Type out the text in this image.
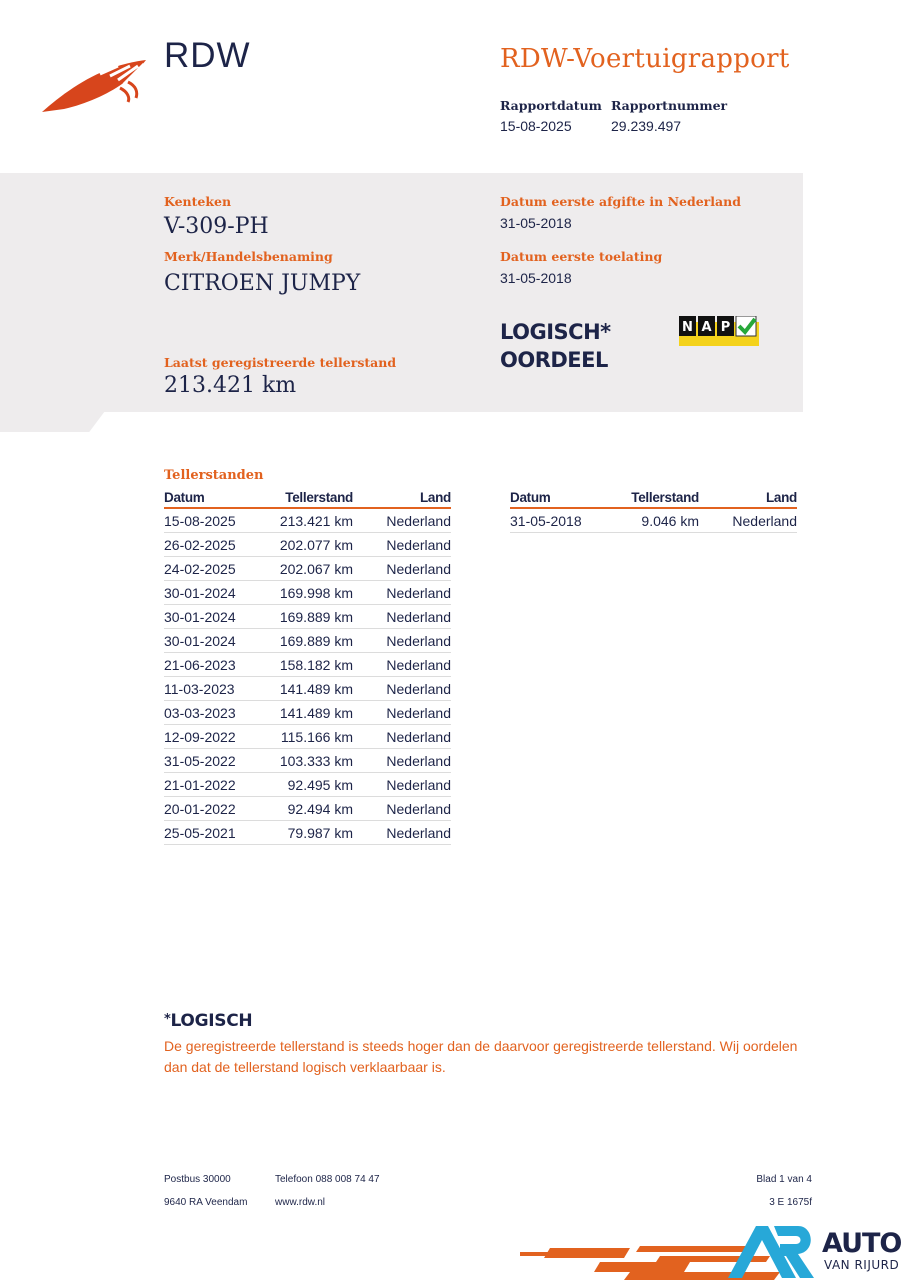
RDW	RDW-Voertuigrapport
Rapportdatum
15-08-2025
Rapportnummer
29.239.497
Kenteken
V-309-PH
Merk/Handelsbenaming
CITROEN JUMPY
Laatst geregistreerde tellerstand
213.421 km
Datum eerste afgifte in Nederland
31-05-2018
Datum eerste toelating
31-05-2018
LOGISCH*
OORDEEL
N A P
Tellerstanden
Datum	Tellerstand	Land
15-08-2025	213.421 km	Nederland
26-02-2025	202.077 km	Nederland
24-02-2025	202.067 km	Nederland
30-01-2024	169.998 km	Nederland
30-01-2024	169.889 km	Nederland
30-01-2024	169.889 km	Nederland
21-06-2023	158.182 km	Nederland
11-03-2023	141.489 km	Nederland
03-03-2023	141.489 km	Nederland
12-09-2022	115.166 km	Nederland
31-05-2022	103.333 km	Nederland
21-01-2022	92.495 km	Nederland
20-01-2022	92.494 km	Nederland
25-05-2021	79.987 km	Nederland
Datum	Tellerstand	Land
31-05-2018	9.046 km	Nederland
*LOGISCH
De geregistreerde tellerstand is steeds hoger dan de daarvoor geregistreerde tellerstand. Wij oordelen dan dat de tellerstand logisch verklaarbaar is.
Postbus 30000
9640 RA Veendam
Telefoon 088 008 74 47
www.rdw.nl
Blad 1 van 4
3 E 1675f
AUTO
VAN RIJURD
